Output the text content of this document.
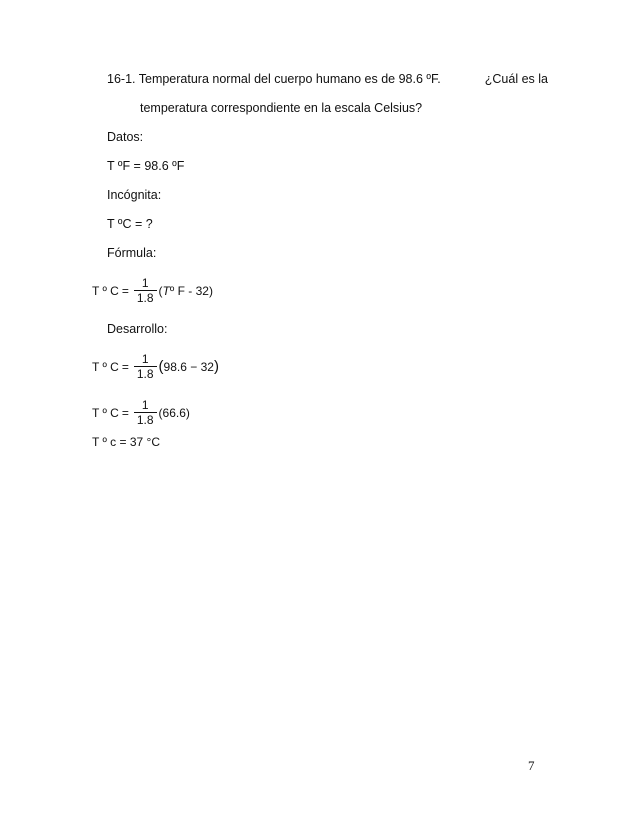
16-1. Temperatura normal del cuerpo humano es de 98.6 ºF.	¿Cuál es la
temperatura correspondiente en la escala Celsius?
Datos:
T ºF = 98.6 ºF
Incógnita:
T ºC = ?
Fórmula:
T º $C = \frac{1}{1.8}$ ( T º F - 32)
Desarrollo:
T º $C = \frac{1}{1.8}$ ( 98.6 − 32 )
T º $C = \frac{1}{1.8} (66.6)$
T º c = 37 °C
7
